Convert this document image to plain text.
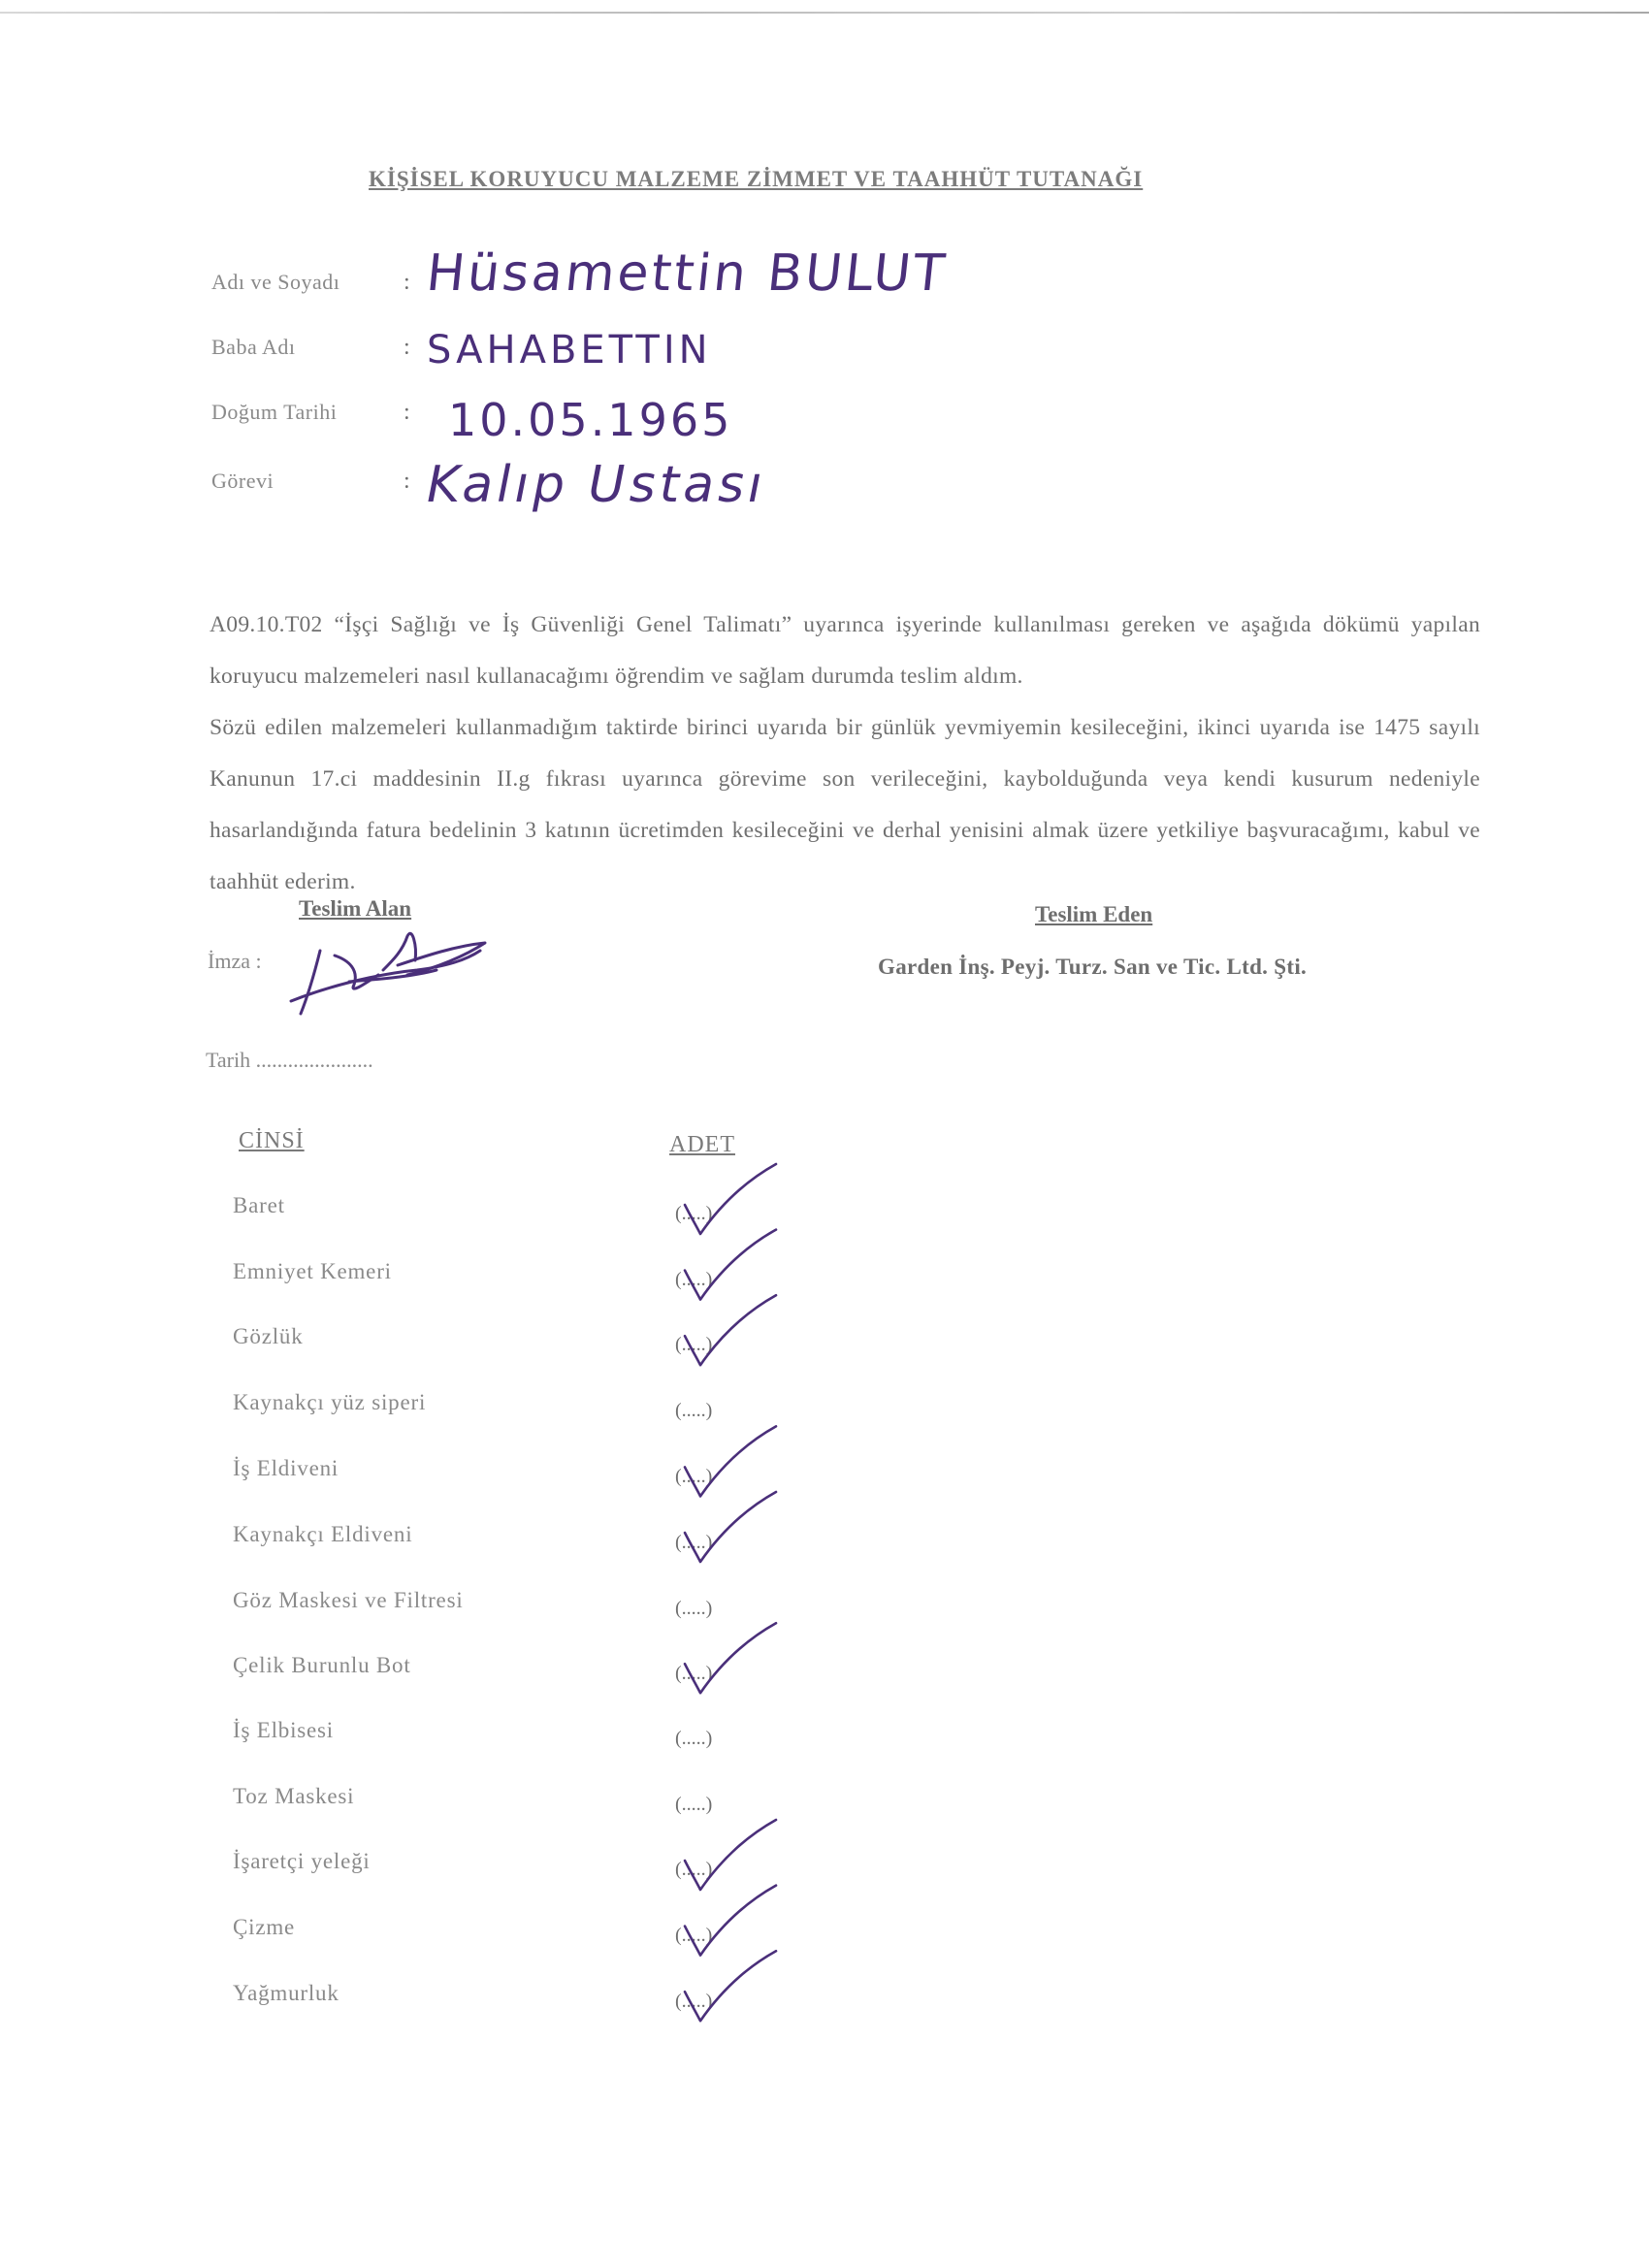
KİŞİSEL KORUYUCU MALZEME ZİMMET VE TAAHHÜT TUTANAĞI
Adı ve Soyadı	: Hüsamettin BULUT
Baba Adı	: SAHABETTIN
Doğum Tarihi	: 10.05.1965
Görevi	: Kalıp Ustası

A09.10.T02 “İşçi Sağlığı ve İş Güvenliği Genel Talimatı” uyarınca işyerinde kullanılması gereken ve aşağıda dökümü yapılan koruyucu malzemeleri nasıl kullanacağımı öğrendim ve sağlam durumda teslim aldım.

Sözü edilen malzemeleri kullanmadığım taktirde birinci uyarıda bir günlük yevmiyemin kesileceğini, ikinci uyarıda ise 1475 sayılı Kanunun 17.ci maddesinin II.g fıkrası uyarınca görevime son verileceğini, kaybolduğunda veya kendi kusurum nedeniyle hasarlandığında fatura bedelinin 3 katının ücretimden kesileceğini ve derhal yenisini almak üzere yetkiliye başvuracağımı, kabul ve taahhüt ederim.

Teslim Alan	Teslim Eden
Garden İnş. Peyj. Turz. San ve Tic. Ltd. Şti.
İmza :
Tarih ......................
CİNSİ	ADET
Baret	(.....)
Emniyet Kemeri	(.....)
Gözlük	(.....)
Kaynakçı yüz siperi	(.....)
İş Eldiveni	(.....)
Kaynakçı Eldiveni	(.....)
Göz Maskesi ve Filtresi	(.....)
Çelik Burunlu Bot	(.....)
İş Elbisesi	(.....)
Toz Maskesi	(.....)
İşaretçi yeleği	(.....)
Çizme	(.....)
Yağmurluk	(.....)
